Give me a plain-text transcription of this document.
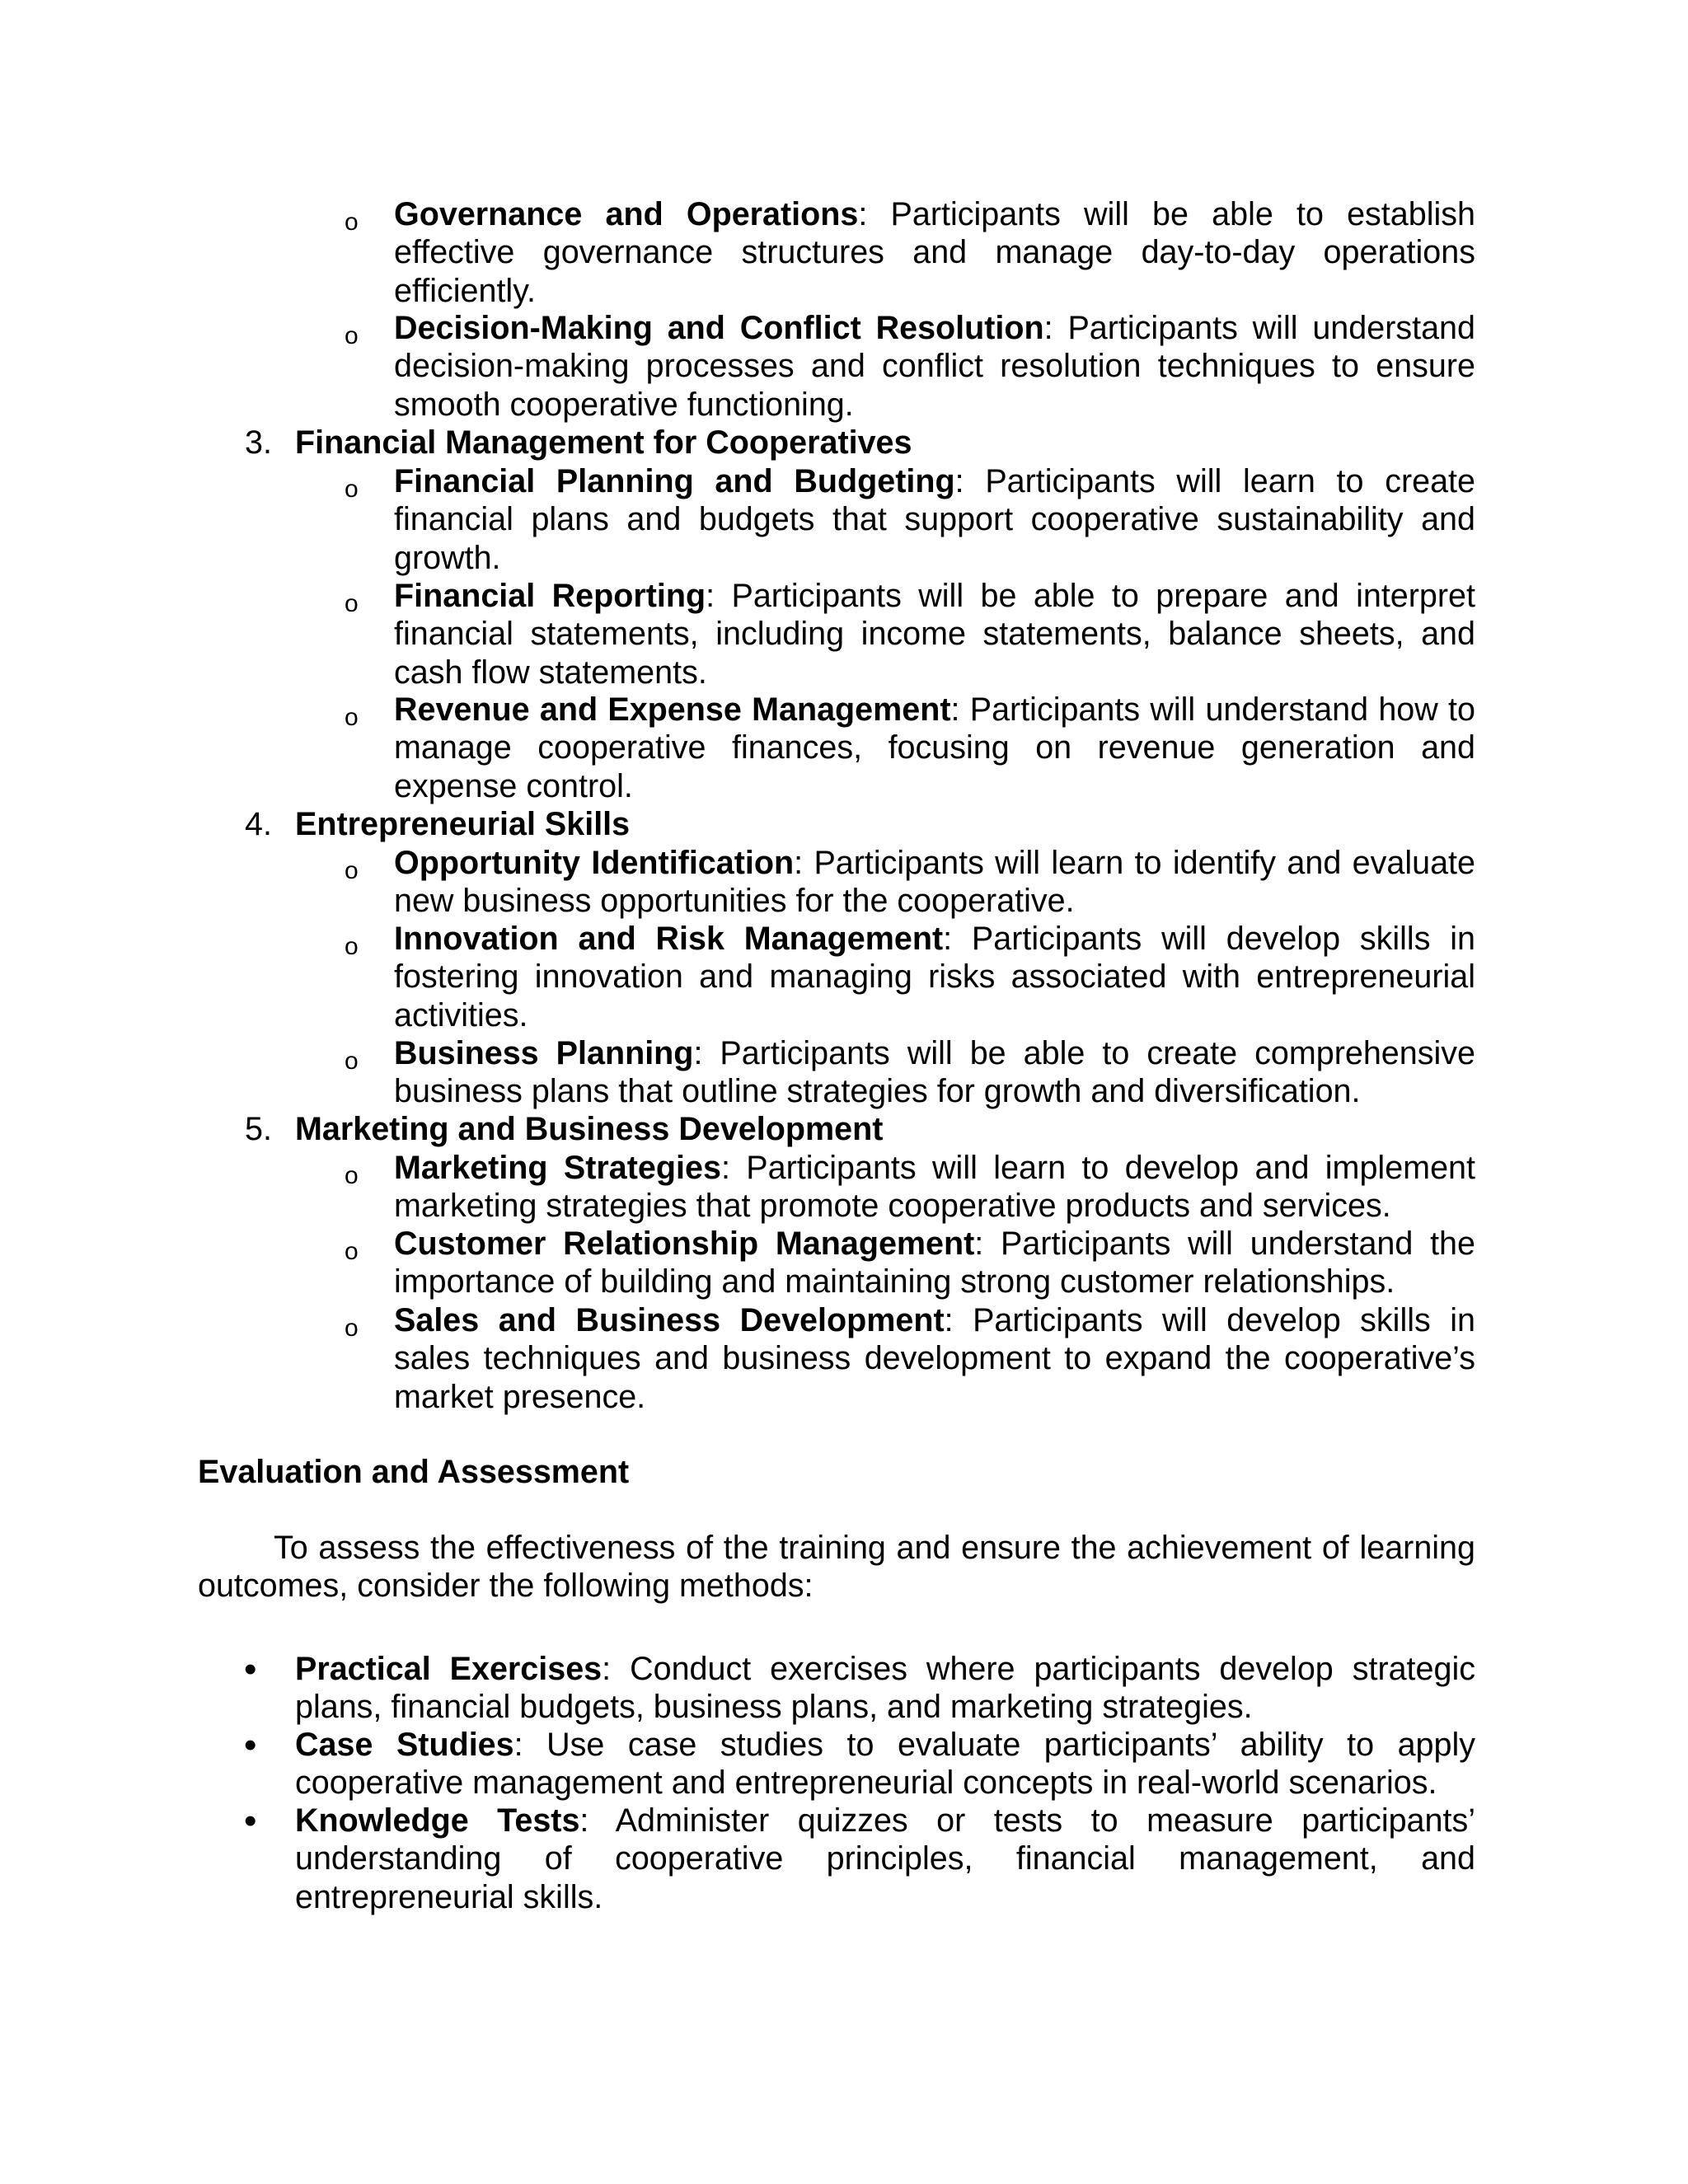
o Governance and Operations: Participants will be able to establish effective governance structures and manage day-to-day operations efficiently.

o Decision-Making and Conflict Resolution: Participants will understand decision-making processes and conflict resolution techniques to ensure smooth cooperative functioning.

3. Financial Management for Cooperatives
o Financial Planning and Budgeting: Participants will learn to create financial plans and budgets that support cooperative sustainability and growth.

o Financial Reporting: Participants will be able to prepare and interpret financial statements, including income statements, balance sheets, and cash flow statements.

o Revenue and Expense Management: Participants will understand how to manage cooperative finances, focusing on revenue generation and expense control.

4. Entrepreneurial Skills
o Opportunity Identification: Participants will learn to identify and evaluate new business opportunities for the cooperative.

o Innovation and Risk Management: Participants will develop skills in fostering innovation and managing risks associated with entrepreneurial activities.

o Business Planning: Participants will be able to create comprehensive business plans that outline strategies for growth and diversification.

5. Marketing and Business Development
o Marketing Strategies: Participants will learn to develop and implement marketing strategies that promote cooperative products and services.

o Customer Relationship Management: Participants will understand the importance of building and maintaining strong customer relationships.

o Sales and Business Development: Participants will develop skills in sales techniques and business development to expand the cooperative’s market presence.

Evaluation and Assessment

To assess the effectiveness of the training and ensure the achievement of learning outcomes, consider the following methods:

• Practical Exercises: Conduct exercises where participants develop strategic plans, financial budgets, business plans, and marketing strategies.

• Case Studies: Use case studies to evaluate participants’ ability to apply cooperative management and entrepreneurial concepts in real-world scenarios.

• Knowledge Tests: Administer quizzes or tests to measure participants’ understanding of cooperative principles, financial management, and entrepreneurial skills.
